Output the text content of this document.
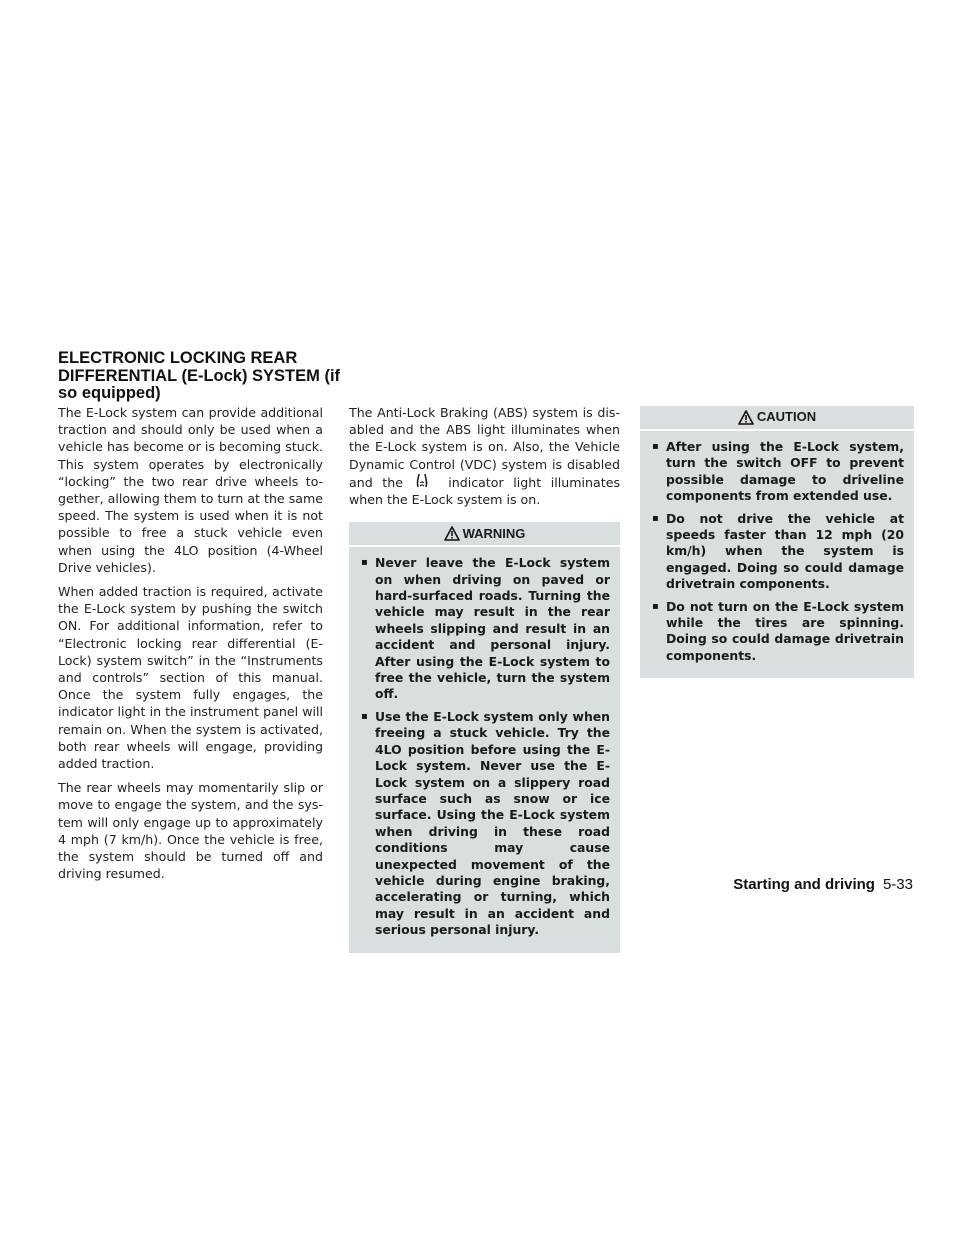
ELECTRONIC LOCKING REAR DIFFERENTIAL (E-Lock) SYSTEM (if so equipped)

The E-Lock system can provide additional traction and should only be used when a vehicle has become or is becoming stuck. This system operates by electronically “locking” the two rear drive wheels together, allowing them to turn at the same speed. The system is used when it is not possible to free a stuck vehicle even when using the 4LO position (4-Wheel Drive vehicles).

When added traction is required, activate the E-Lock system by pushing the switch ON. For additional information, refer to “Electronic locking rear differential (E-Lock) system switch” in the “Instruments and controls” section of this manual. Once the system fully engages, the indicator light in the instrument panel will remain on. When the system is activated, both rear wheels will engage, providing added traction.

The rear wheels may momentarily slip or move to engage the system, and the system will only engage up to approximately 4 mph (7 km/h). Once the vehicle is free, the system should be turned off and driving resumed.

The Anti-Lock Braking (ABS) system is disabled and the ABS light illuminates when the E-Lock system is on. Also, the Vehicle Dynamic Control (VDC) system is disabled and the	indicator light illuminates when the E-Lock system is on.

WARNING
▪ Never leave the E-Lock system on when driving on paved or hard-surfaced roads. Turning the vehicle may result in the rear wheels slipping and result in an accident and personal injury. After using the E-Lock system to free the vehicle, turn the system off.
▪ Use the E-Lock system only when freeing a stuck vehicle. Try the 4LO position before using the E-Lock system. Never use the E-Lock system on a slippery road surface such as snow or ice surface. Using the E-Lock system when driving in these road conditions may cause unexpected movement of the vehicle during engine braking, accelerating or turning, which may result in an accident and serious personal injury.
CAUTION
▪ After using the E-Lock system, turn the switch OFF to prevent possible damage to driveline components from extended use.
▪ Do not drive the vehicle at speeds faster than 12 mph (20 km/h) when the system is engaged. Doing so could damage drivetrain components.
▪ Do not turn on the E-Lock system while the tires are spinning. Doing so could damage drivetrain components.
Starting and driving 5-33
